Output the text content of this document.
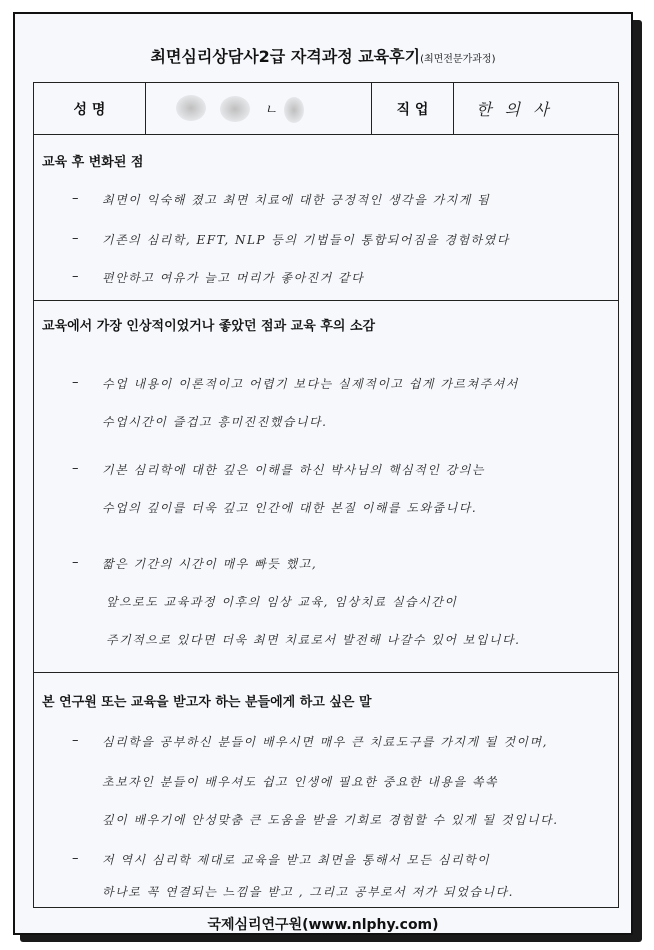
최면심리상담사2급 자격과정 교육후기(최면전문가과정)
성 명	ㄴ	직 업	한 의 사
교육 후 변화된 점
– 최면이 익숙해 졌고 최면 치료에 대한 긍정적인 생각을 가지게 됨
– 기존의 심리학, EFT, NLP 등의 기법들이 통합되어짐을 경험하였다
– 편안하고 여유가 늘고 머리가 좋아진거 같다
교육에서 가장 인상적이었거나 좋았던 점과 교육 후의 소감
– 수업 내용이 이론적이고 어렵기 보다는 실제적이고 쉽게 가르쳐주셔서
수업시간이 즐겁고 흥미진진했습니다.
– 기본 심리학에 대한 깊은 이해를 하신 박사님의 핵심적인 강의는
수업의 깊이를 더욱 깊고 인간에 대한 본질 이해를 도와줍니다.
– 짧은 기간의 시간이 매우 빠듯 했고,
앞으로도 교육과정 이후의 임상 교육, 임상치료 실습시간이
주기적으로 있다면 더욱 최면 치료로서 발전해 나갈수 있어 보입니다.
본 연구원 또는 교육을 받고자 하는 분들에게 하고 싶은 말
– 심리학을 공부하신 분들이 배우시면 매우 큰 치료도구를 가지게 될 것이며,
초보자인 분들이 배우셔도 쉽고 인생에 필요한 중요한 내용을 쏙쏙
깊이 배우기에 안성맞춤 큰 도움을 받을 기회로 경험할 수 있게 될 것입니다.
– 저 역시 심리학 제대로 교육을 받고 최면을 통해서 모든 심리학이
하나로 꼭 연결되는 느낌을 받고 , 그리고 공부로서 저가 되었습니다.
국제심리연구원(www.nlphy.com)
